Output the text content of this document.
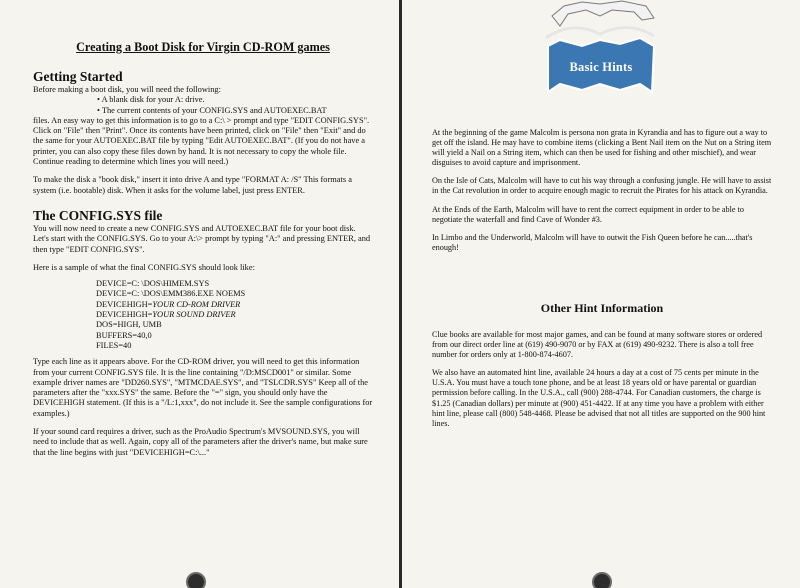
Creating a Boot Disk for Virgin CD-ROM games
Getting Started

Before making a boot disk, you will need the following:

• A blank disk for your A: drive.

• The current contents of your CONFIG.SYS and AUTOEXEC.BAT

files. An easy way to get this information is to go to a C:\ > prompt and type "EDIT CONFIG.SYS". Click on "File" then "Print". Once its contents have been printed, click on "File" then "Exit" and do the same for your AUTOEXEC.BAT file by typing "Edit AUTOEXEC.BAT". (If you do not have a printer, you can also copy these files down by hand. It is not necessary to copy the whole file. Continue reading to determine which lines you will need.)

To make the disk a "book disk," insert it into drive A and type "FORMAT A: /S" This formats a system (i.e. bootable) disk. When it asks for the volume label, just press ENTER.

The CONFIG.SYS file

You will now need to create a new CONFIG.SYS and AUTOEXEC.BAT file for your boot disk. Let's start with the CONFIG.SYS. Go to your A:\> prompt by typing "A:" and pressing ENTER, and then type "EDIT CONFIG.SYS".

Here is a sample of what the final CONFIG.SYS should look like:

DEVICE=C: \DOS\HIMEM.SYS
DEVICE=C: \DOS\EMM386.EXE NOEMS
DEVICEHIGH=YOUR CD-ROM DRIVER
DEVICEHIGH=YOUR SOUND DRIVER
DOS=HIGH, UMB
BUFFERS=40,0
FILES=40

Type each line as it appears above. For the CD-ROM driver, you will need to get this information from your current CONFIG.SYS file. It is the line containing "/D:MSCD001" or similar. Some example driver names are "DD260.SYS", "MTMCDAE.SYS", and "TSLCDR.SYS" Keep all of the parameters after the "xxx.SYS" the same. Before the "=" sign, you should only have the DEVICEHIGH statement. (If this is a "/L:1,xxx", do not include it. See the sample configurations for examples.)

If your sound card requires a driver, such as the ProAudio Spectrum's MVSOUND.SYS, you will need to include that as well. Again, copy all of the parameters after the driver's name, but make sure that the line begins with just "DEVICEHIGH=C:\..."

Basic Hints

At the beginning of the game Malcolm is persona non grata in Kyrandia and has to figure out a way to get off the island. He may have to combine items (clicking a Bent Nail item on the Nut on a String item will yield a Nail on a String item, which can then be used for fishing and other mischief), and wear disguises to avoid capture and imprisonment.

On the Isle of Cats, Malcolm will have to cut his way through a confusing jungle. He will have to assist in the Cat revolution in order to acquire enough magic to recruit the Pirates for his attack on Kyrandia.

At the Ends of the Earth, Malcolm will have to rent the correct equipment in order to be able to negotiate the waterfall and find Cave of Wonder #3.

In Limbo and the Underworld, Malcolm will have to outwit the Fish Queen before he can.....that's enough!

Other Hint Information

Clue books are available for most major games, and can be found at many software stores or ordered from our direct order line at (619) 490-9070 or by FAX at (619) 490-9232. There is also a toll free number for orders only at 1-800-874-4607.

We also have an automated hint line, available 24 hours a day at a cost of 75 cents per minute in the U.S.A. You must have a touch tone phone, and be at least 18 years old or have parental or guardian permission before calling. In the U.S.A., call (900) 288-4744. For Canadian customers, the charge is $1.25 (Canadian dollars) per minute at (900) 451-4422. If at any time you have a problem with either hint line, please call (800) 548-4468. Please be advised that not all titles are supported on the 900 hint lines.
